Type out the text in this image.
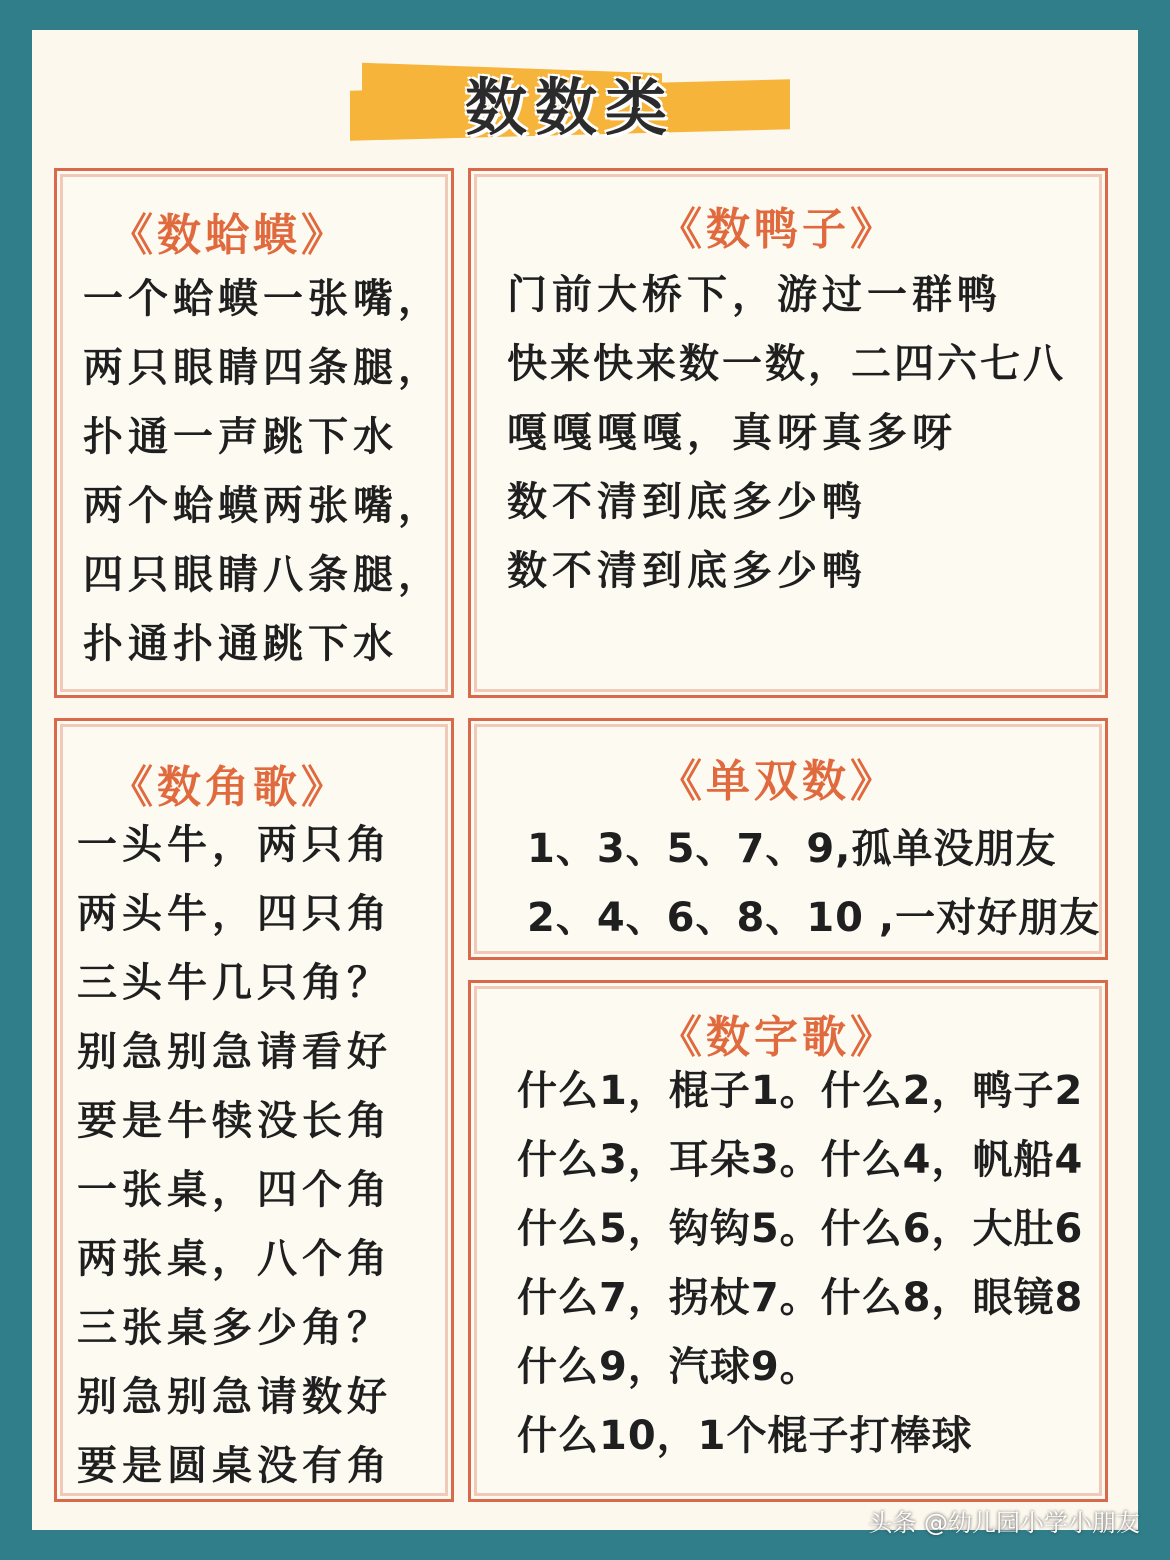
数数类
《数蛤蟆》
一个蛤蟆一张嘴，
两只眼睛四条腿，
扑通一声跳下水
两个蛤蟆两张嘴，
四只眼睛八条腿，
扑通扑通跳下水
《数鸭子》
门前大桥下，游过一群鸭
快来快来数一数，二四六七八
嘎嘎嘎嘎，真呀真多呀
数不清到底多少鸭
数不清到底多少鸭
《数角歌》
一头牛，两只角
两头牛，四只角
三头牛几只角？
别急别急请看好
要是牛犊没长角
一张桌，四个角
两张桌，八个角
三张桌多少角？
别急别急请数好
要是圆桌没有角
《单双数》
1、3、5、7、9,孤单没朋友
2、4、6、8、10 ,一对好朋友
《数字歌》
什么1，棍子1。什么2，鸭子2
什么3，耳朵3。什么4，帆船4
什么5，钩钩5。什么6，大肚6
什么7，拐杖7。什么8，眼镜8
什么9，汽球9。
什么10，1个棍子打棒球
头条 @幼儿园小学小朋友
